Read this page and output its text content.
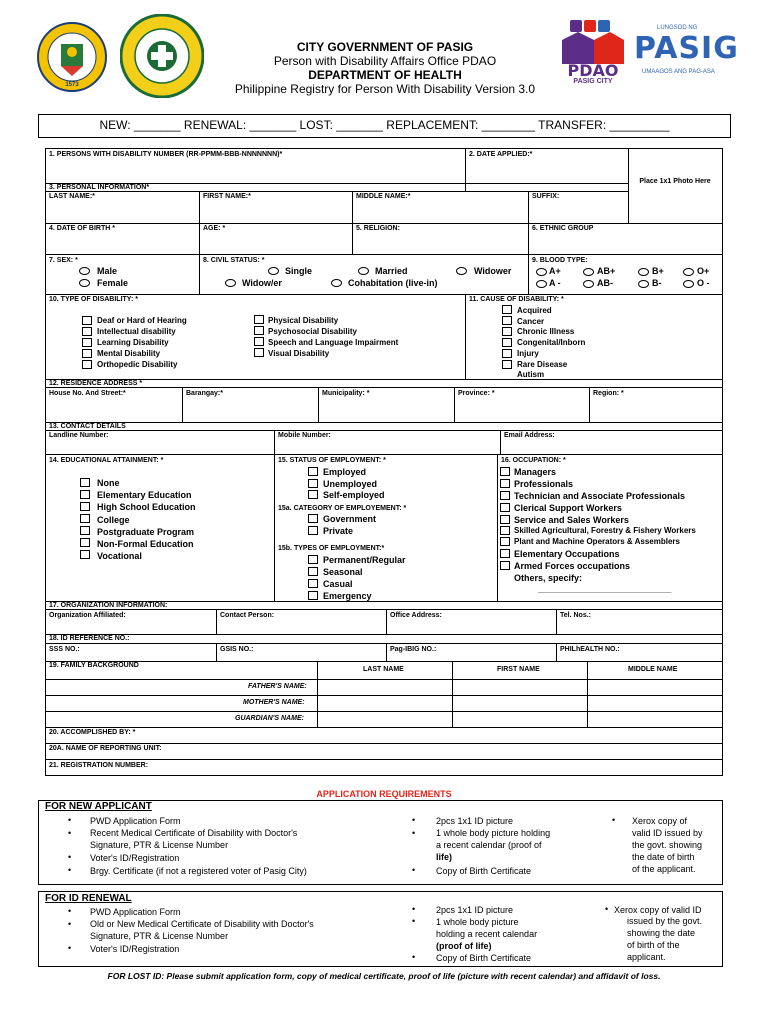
1573
CITY GOVERNMENT OF PASIG
Person with Disability Affairs Office PDAO
DEPARTMENT OF HEALTH
Philippine Registry for Person With Disability Version 3.0
PDAO
PASIG CITY
LUNGSOD NG
PASIG
UMAAGOS ANG PAG-ASA
NEW: _______ RENEWAL: _______ LOST: _______ REPLACEMENT: ________ TRANSFER: _________
1. PERSONS WITH DISABILITY NUMBER (RR-PPMM-BBB-NNNNNNN)*	2. DATE APPLIED:*
Place 1x1 Photo Here
3. PERSONAL INFORMATION*
LAST NAME:*	FIRST NAME:*	MIDDLE NAME:*	SUFFIX:
4. DATE OF BIRTH *	AGE: *	5. RELIGION:	6. ETHNIC GROUP
7. SEX: *
Male
Female
8. CIVIL STATUS: *
Single	Married	Widower
Widow/er	Cohabitation (live-in)
9. BLOOD TYPE:
A+	AB+	B+	O+
A -	AB-	B-	O -
10. TYPE OF DISABILITY: *
Deaf or Hard of Hearing
Intellectual disability
Learning Disability
Mental Disability
Orthopedic Disability
Physical Disability
Psychosocial Disability
Speech and Language Impairment
Visual Disability
11. CAUSE OF DISABILITY: *
Acquired
Cancer
Chronic Illness
Congenital/Inborn
Injury
Rare Disease
Autism
12. RESIDENCE ADDRESS *
House No. And Street:*	Barangay:*	Municipality: *	Province: *	Region: *
13. CONTACT DETAILS
Landline Number:	Mobile Number:	Email Address:
14. EDUCATIONAL ATTAINMENT: *
None
Elementary Education
High School Education
College
Postgraduate Program
Non-Formal Education
Vocational
15. STATUS OF EMPLOYMENT: *
Employed
Unemployed
Self-employed
15a. CATEGORY OF EMPLOYEMENT: *
Government
Private
15b. TYPES OF EMPLOYMENT:*
Permanent/Regular
Seasonal
Casual
Emergency
16. OCCUPATION: *
Managers
Professionals
Technician and Associate Professionals
Clerical Support Workers
Service and Sales Workers
Skilled Agricultural, Forestry & Fishery Workers
Plant and Machine Operators & Assemblers
Elementary Occupations
Armed Forces occupations
Others, specify:
______________________________
17. ORGANIZATION INFORMATION:
Organization Affiliated:	Contact Person:	Office Address:	Tel. Nos.:
18. ID REFERENCE NO.:
SSS NO.:	GSIS NO.:	Pag-IBIG NO.:	PHILhEALTH NO.:
19. FAMILY BACKGROUND
LAST NAME	FIRST NAME	MIDDLE NAME
FATHER'S NAME:
MOTHER'S NAME:
GUARDIAN'S NAME:
20. ACCOMPLISHED BY: *
20A. NAME OF REPORTING UNIT:
21. REGISTRATION NUMBER:
APPLICATION REQUIREMENTS
FOR NEW APPLICANT
• PWD Application Form
• Recent Medical Certificate of Disability with Doctor's
Signature, PTR & License Number
• Voter's ID/Registration
• Brgy. Certificate (if not a registered voter of Pasig City)
• 2pcs 1x1 ID picture
• 1 whole body picture holding
a recent calendar (proof of
life)
• Copy of Birth Certificate
• Xerox copy of
valid ID issued by
the govt. showing
the date of birth
of the applicant.
FOR ID RENEWAL
• PWD Application Form
• Old or New Medical Certificate of Disability with Doctor's
Signature, PTR & License Number
• Voter's ID/Registration
• 2pcs 1x1 ID picture
• 1 whole body picture
holding a recent calendar
(proof of life)
• Copy of Birth Certificate
• Xerox copy of valid ID
issued by the govt.
showing the date
of birth of the
applicant.
FOR LOST ID: Please submit application form, copy of medical certificate, proof of life (picture with recent calendar) and affidavit of loss.
